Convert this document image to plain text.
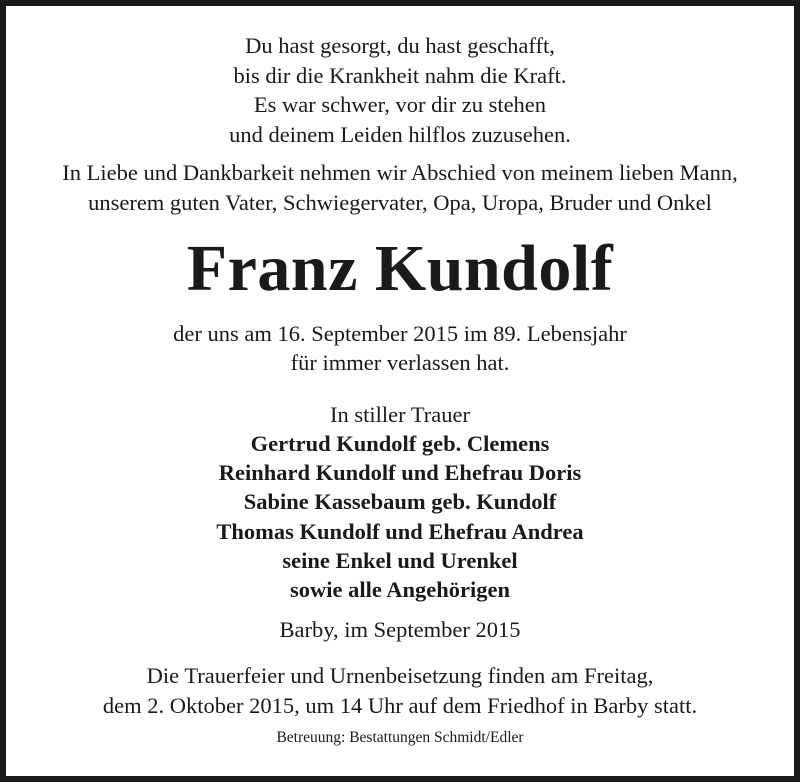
Du hast gesorgt, du hast geschafft,
bis dir die Krankheit nahm die Kraft.
Es war schwer, vor dir zu stehen
und deinem Leiden hilflos zuzusehen.
In Liebe und Dankbarkeit nehmen wir Abschied von meinem lieben Mann,
unserem guten Vater, Schwiegervater, Opa, Uropa, Bruder und Onkel
Franz Kundolf
der uns am 16. September 2015 im 89. Lebensjahr
für immer verlassen hat.
In stiller Trauer
Gertrud Kundolf geb. Clemens
Reinhard Kundolf und Ehefrau Doris
Sabine Kassebaum geb. Kundolf
Thomas Kundolf und Ehefrau Andrea
seine Enkel und Urenkel
sowie alle Angehörigen
Barby, im September 2015
Die Trauerfeier und Urnenbeisetzung finden am Freitag,
dem 2. Oktober 2015, um 14 Uhr auf dem Friedhof in Barby statt.
Betreuung: Bestattungen Schmidt/Edler
